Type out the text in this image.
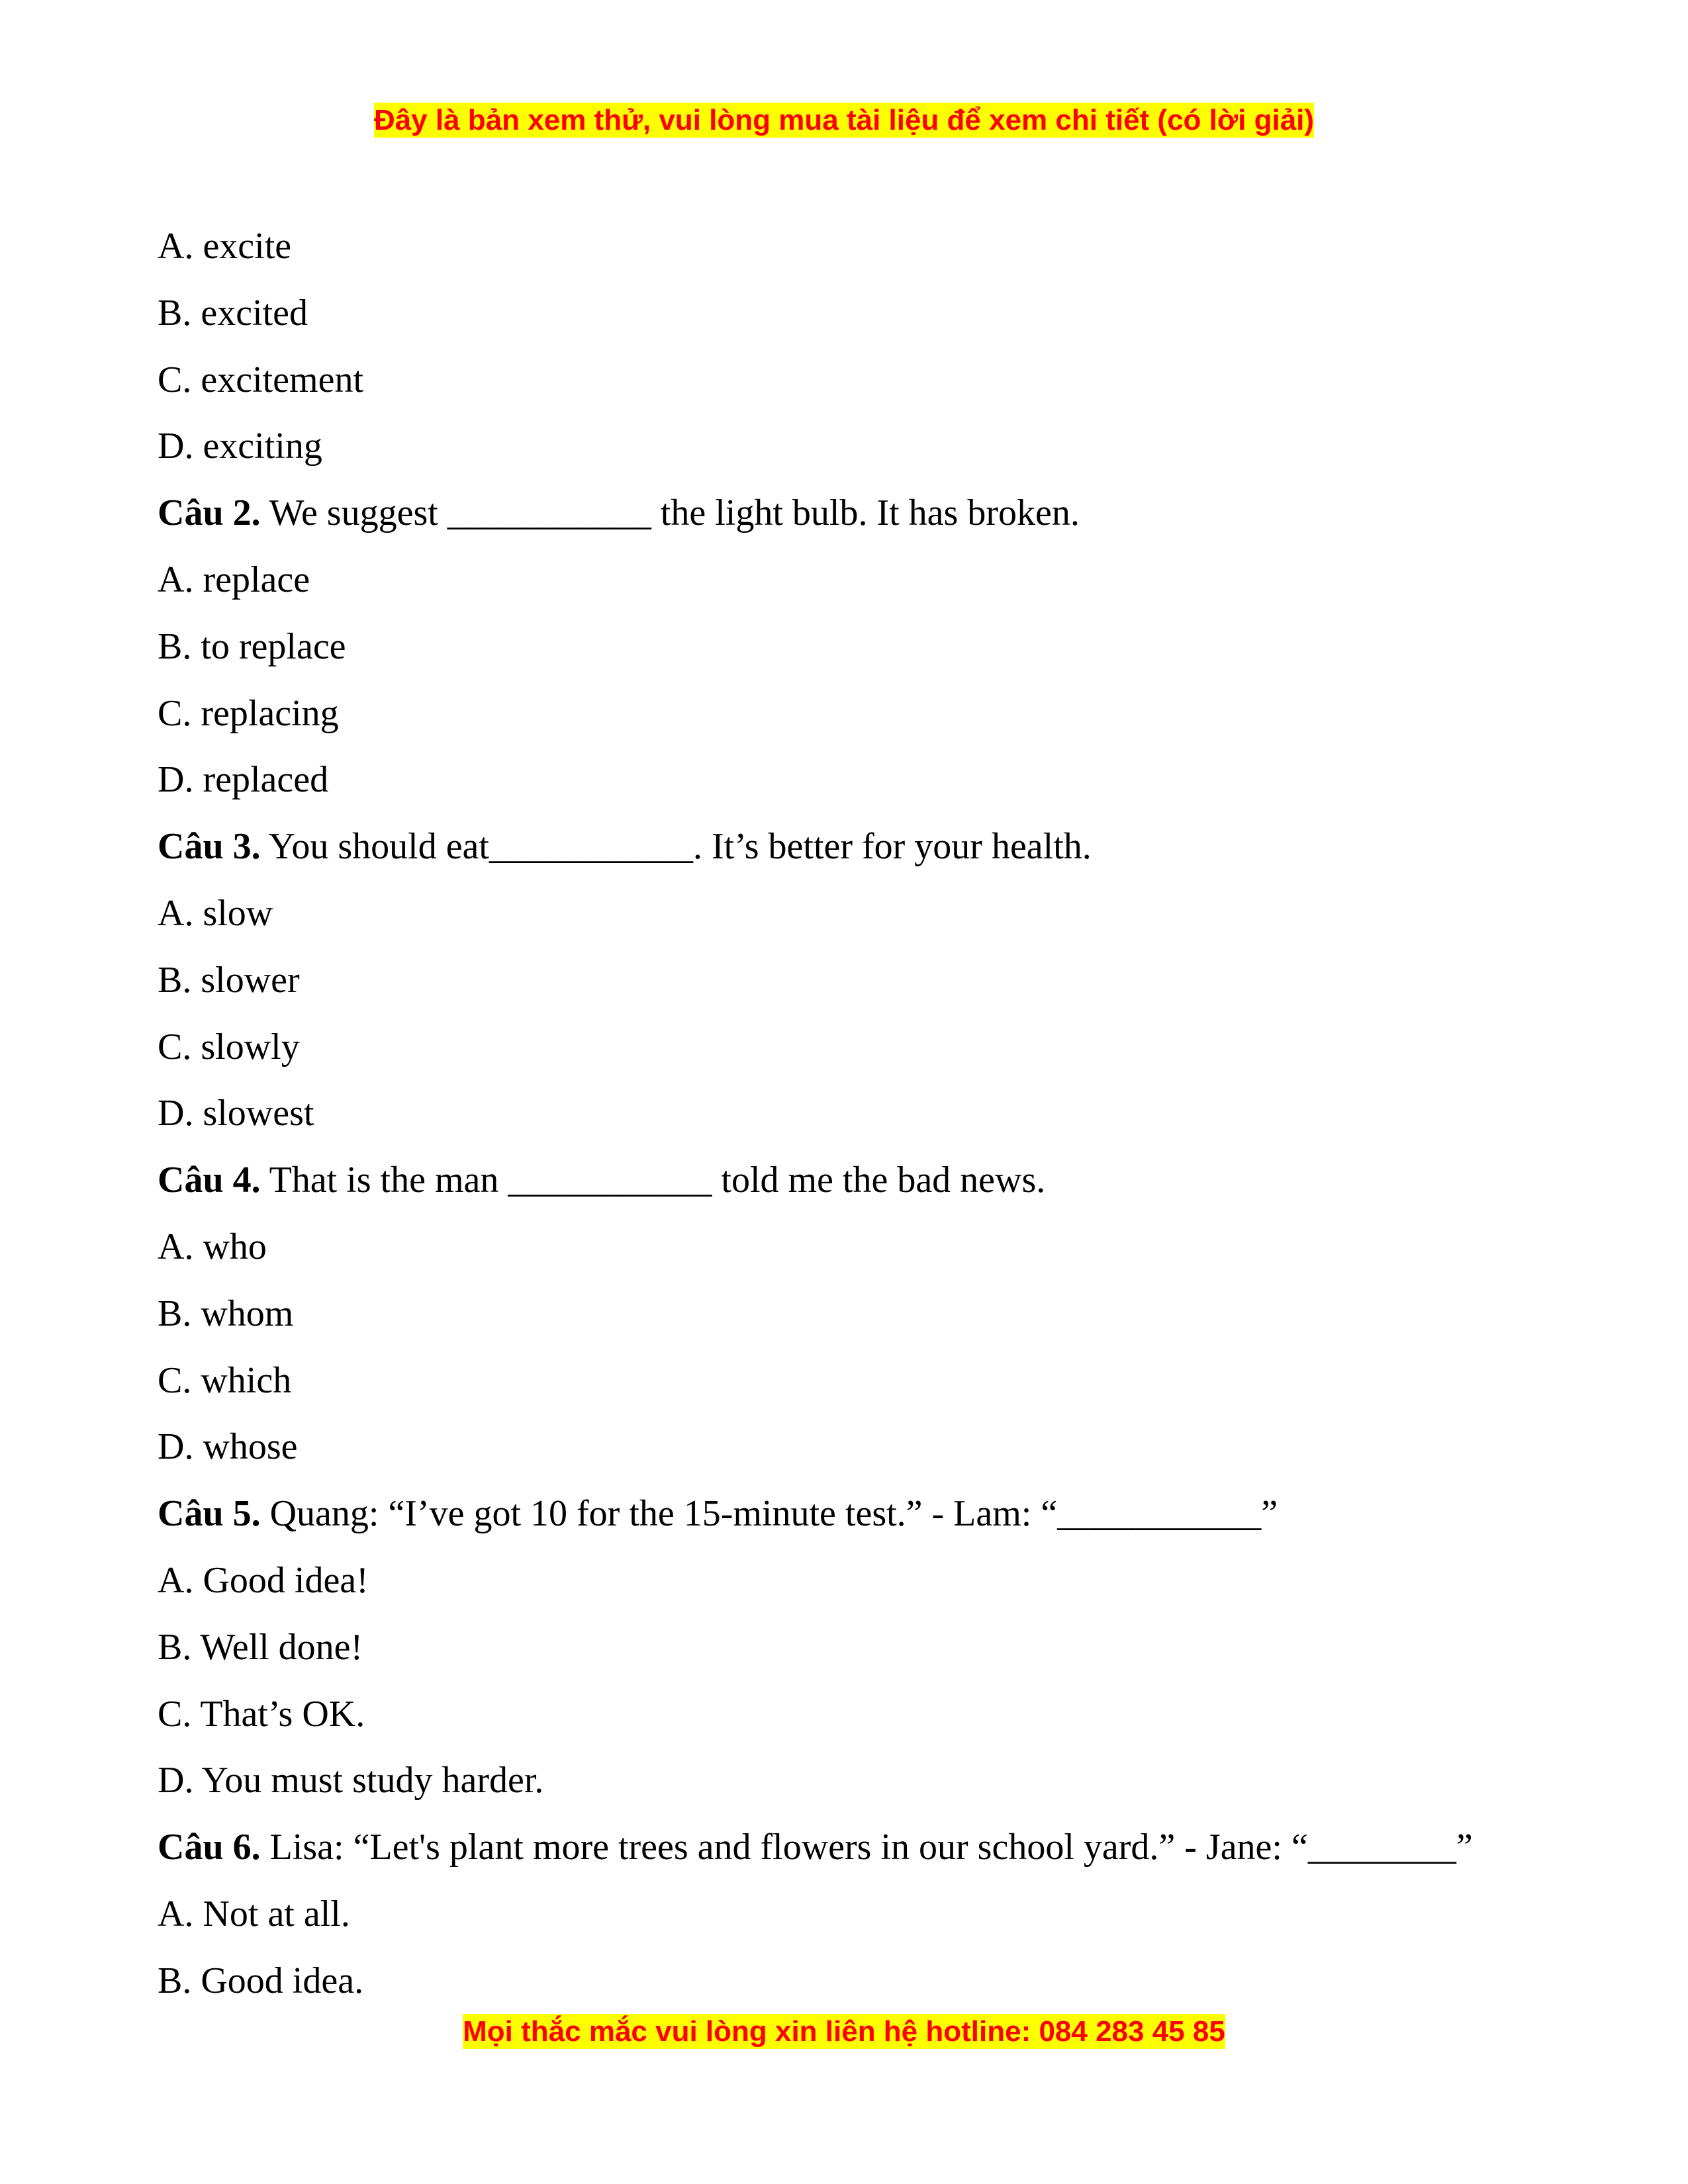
Đây là bản xem thử, vui lòng mua tài liệu để xem chi tiết (có lời giải)
A. excite
B. excited
C. excitement
D. exciting
Câu 2. We suggest ___________ the light bulb. It has broken.
A. replace
B. to replace
C. replacing
D. replaced
Câu 3. You should eat___________. It’s better for your health.
A. slow
B. slower
C. slowly
D. slowest
Câu 4. That is the man ___________ told me the bad news.
A. who
B. whom
C. which
D. whose
Câu 5. Quang: “I’ve got 10 for the 15-minute test.” - Lam: “___________”
A. Good idea!
B. Well done!
C. That’s OK.
D. You must study harder.
Câu 6. Lisa: “Let's plant more trees and flowers in our school yard.” - Jane: “________”
A. Not at all.
B. Good idea.
Mọi thắc mắc vui lòng xin liên hệ hotline: 084 283 45 85
